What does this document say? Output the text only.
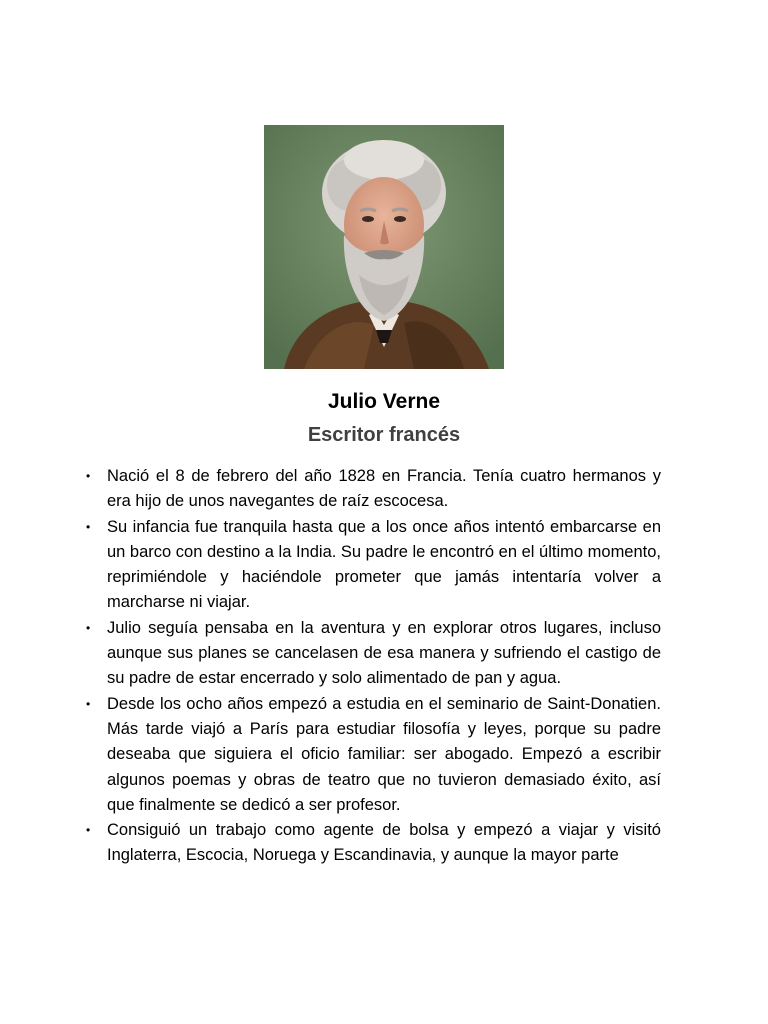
Julio Verne
Escritor francés
• Nació el 8 de febrero del año 1828 en Francia. Tenía cuatro hermanos y era hijo de unos navegantes de raíz escocesa.
• Su infancia fue tranquila hasta que a los once años intentó embarcarse en un barco con destino a la India. Su padre le encontró en el último momento, reprimiéndole y haciéndole prometer que jamás intentaría volver a marcharse ni viajar.
• Julio seguía pensaba en la aventura y en explorar otros lugares, incluso aunque sus planes se cancelasen de esa manera y sufriendo el castigo de su padre de estar encerrado y solo alimentado de pan y agua.
• Desde los ocho años empezó a estudia en el seminario de Saint-Donatien. Más tarde viajó a París para estudiar filosofía y leyes, porque su padre deseaba que siguiera el oficio familiar: ser abogado. Empezó a escribir algunos poemas y obras de teatro que no tuvieron demasiado éxito, así que finalmente se dedicó a ser profesor.
• Consiguió un trabajo como agente de bolsa y empezó a viajar y visitó Inglaterra, Escocia, Noruega y Escandinavia, y aunque la mayor parte
